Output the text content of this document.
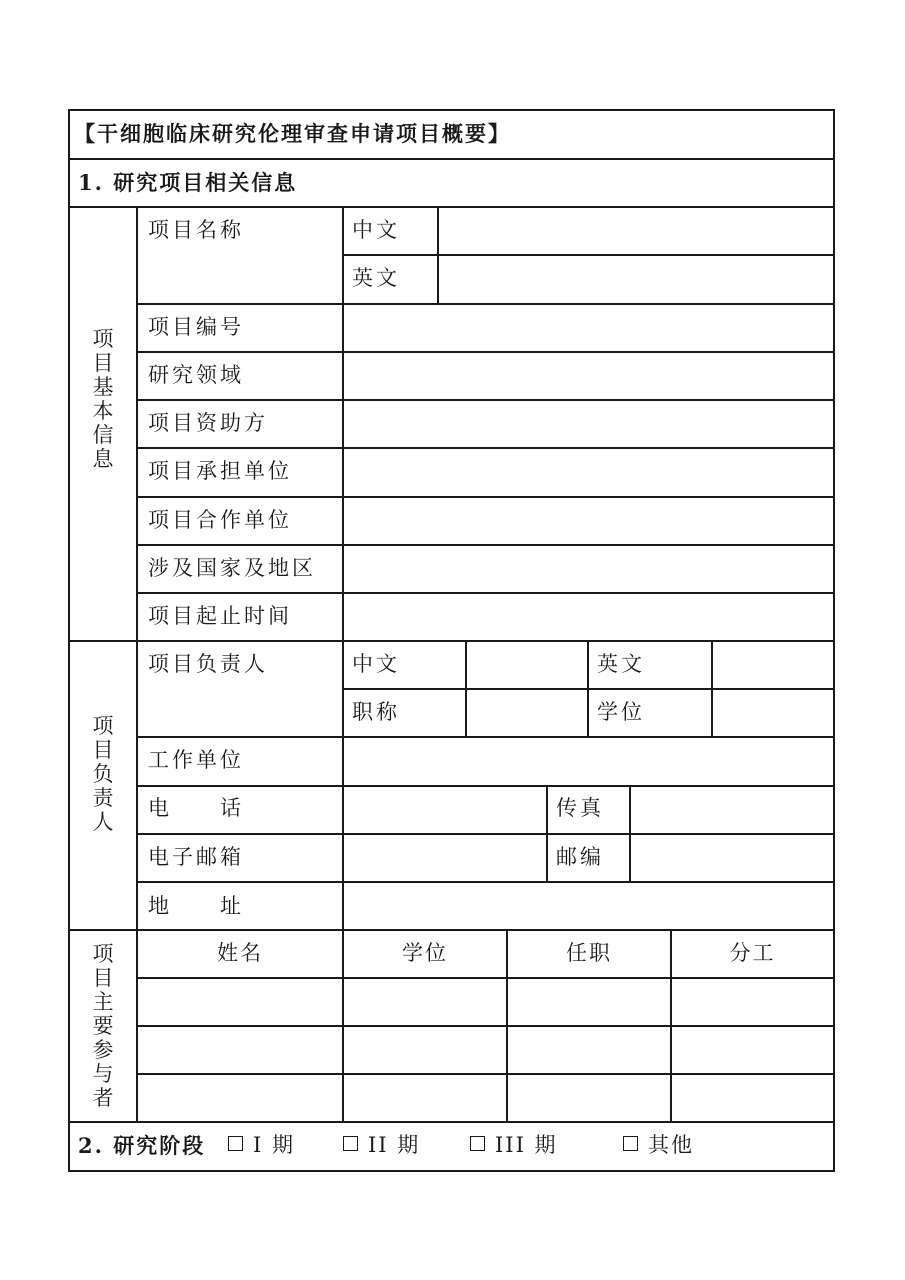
【干细胞临床研究伦理审查申请项目概要】
1. 研究项目相关信息
项目基本信息
项目名称	中文
英文
项目编号
研究领域
项目资助方
项目承担单位
项目合作单位
涉及国家及地区
项目起止时间
项目负责人
项目负责人	中文	英文
职称	学位
工作单位
电　　话	传真
电子邮箱	邮编
地　　址
项目主要参与者
姓名	学位	任职	分工
2. 研究阶段	I 期	II 期	III 期	其他
